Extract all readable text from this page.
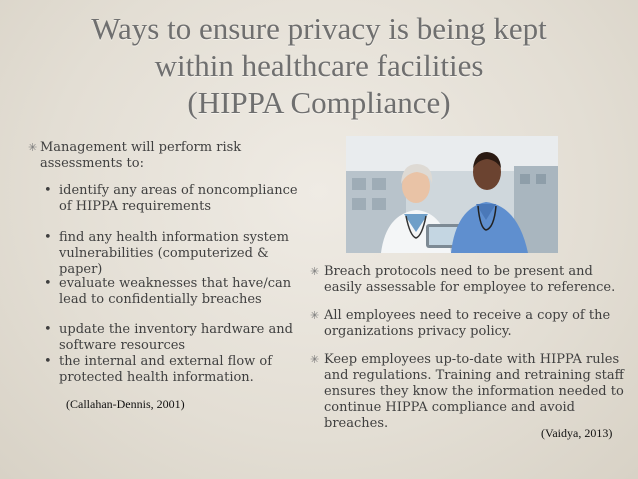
Ways to ensure privacy is being kept
within healthcare facilities
(HIPPA Compliance)
✳ Management will perform risk assessments to:
• identify any areas of noncompliance of HIPPA requirements
• find any health information system vulnerabilities (computerized & paper)
• evaluate weaknesses that have/can lead to confidentially breaches
• update the inventory hardware and software resources
• the internal and external flow of protected health information.
(Callahan-Dennis, 2001)
✳ Breach protocols need to be present and easily assessable for employee to reference.
✳ All employees need to receive a copy of the organizations privacy policy.
✳ Keep employees up-to-date with HIPPA rules and regulations. Training and retraining staff ensures they know the information needed to continue HIPPA compliance and avoid breaches.
(Vaidya, 2013)
